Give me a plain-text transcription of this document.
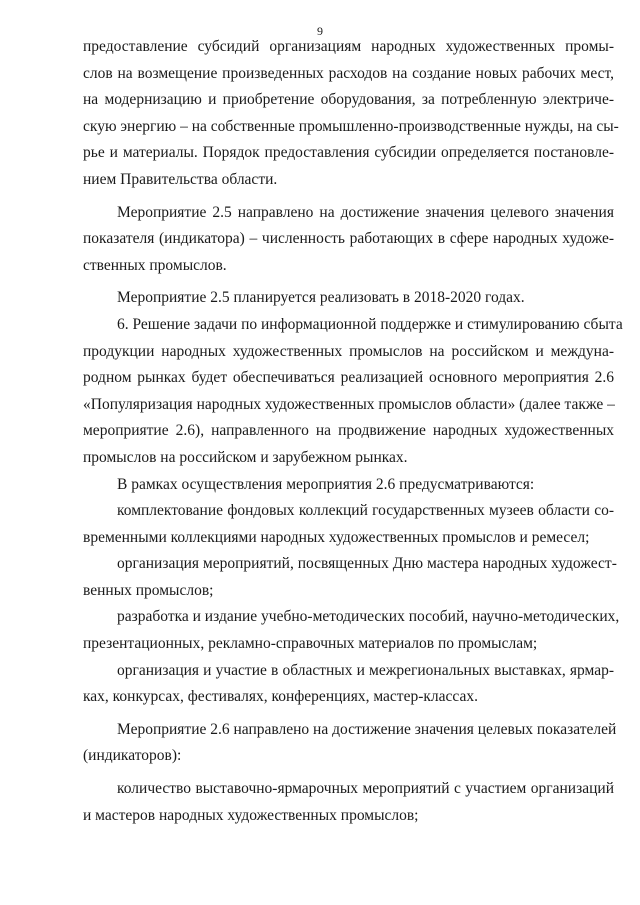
9

предоставление субсидий организациям народных художественных промы-
слов на возмещение произведенных расходов на создание новых рабочих мест,
на модернизацию и приобретение оборудования, за потребленную электриче-
скую энергию – на собственные промышленно-производственные нужды, на сы-
рье и материалы. Порядок предоставления субсидии определяется постановле-
нием Правительства области.

Мероприятие 2.5 направлено на достижение значения целевого значения
показателя (индикатора) – численность работающих в сфере народных художе-
ственных промыслов.

Мероприятие 2.5 планируется реализовать в 2018-2020 годах.

6. Решение задачи по информационной поддержке и стимулированию сбыта
продукции народных художественных промыслов на российском и междуна-
родном рынках будет обеспечиваться реализацией основного мероприятия 2.6
«Популяризация народных художественных промыслов области» (далее также –
мероприятие 2.6), направленного на продвижение народных художественных
промыслов на российском и зарубежном рынках.

В рамках осуществления мероприятия 2.6 предусматриваются:

комплектование фондовых коллекций государственных музеев области со-
временными коллекциями народных художественных промыслов и ремесел;

организация мероприятий, посвященных Дню мастера народных художест-
венных промыслов;

разработка и издание учебно-методических пособий, научно-методических,
презентационных, рекламно-справочных материалов по промыслам;

организация и участие в областных и межрегиональных выставках, ярмар-
ках, конкурсах, фестивалях, конференциях, мастер-классах.

Мероприятие 2.6 направлено на достижение значения целевых показателей
(индикаторов):

количество выставочно-ярмарочных мероприятий с участием организаций
и мастеров народных художественных промыслов;
